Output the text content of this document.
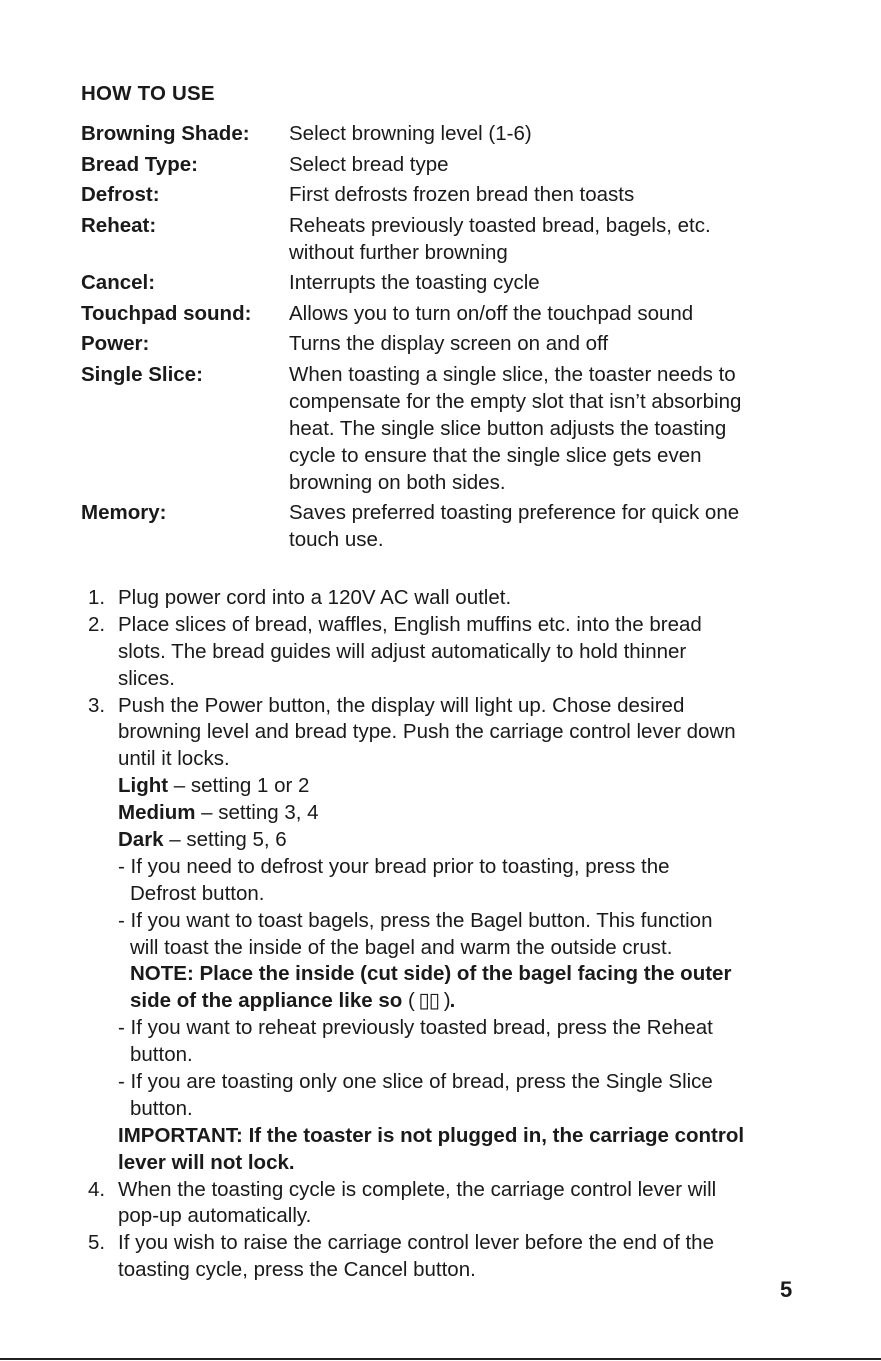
HOW TO USE
Browning Shade:	Select browning level (1-6)
Bread Type:	Select bread type
Defrost:	First defrosts frozen bread then toasts
Reheat:	Reheats previously toasted bread, bagels, etc.
without further browning
Cancel:	Interrupts the toasting cycle
Touchpad sound:	Allows you to turn on/off the touchpad sound
Power:	Turns the display screen on and off
Single Slice:	When toasting a single slice, the toaster needs to
compensate for the empty slot that isn’t absorbing
heat. The single slice button adjusts the toasting
cycle to ensure that the single slice gets even
browning on both sides.
Memory:	Saves preferred toasting preference for quick one
touch use.
1. Plug power cord into a 120V AC wall outlet.
2. Place slices of bread, waffles, English muffins etc. into the bread
slots. The bread guides will adjust automatically to hold thinner
slices.
3. Push the Power button, the display will light up. Chose desired
browning level and bread type. Push the carriage control lever down
until it locks.
Light – setting 1 or 2
Medium – setting 3, 4
Dark – setting 5, 6
- If you need to defrost your bread prior to toasting, press the
Defrost button.
- If you want to toast bagels, press the Bagel button. This function
will toast the inside of the bagel and warm the outside crust.
NOTE: Place the inside (cut side) of the bagel facing the outer
side of the appliance like so ( ▯▯ ).
- If you want to reheat previously toasted bread, press the Reheat
button.
- If you are toasting only one slice of bread, press the Single Slice
button.
IMPORTANT: If the toaster is not plugged in, the carriage control
lever will not lock.
4. When the toasting cycle is complete, the carriage control lever will
pop-up automatically.
5. If you wish to raise the carriage control lever before the end of the
toasting cycle, press the Cancel button.
5
